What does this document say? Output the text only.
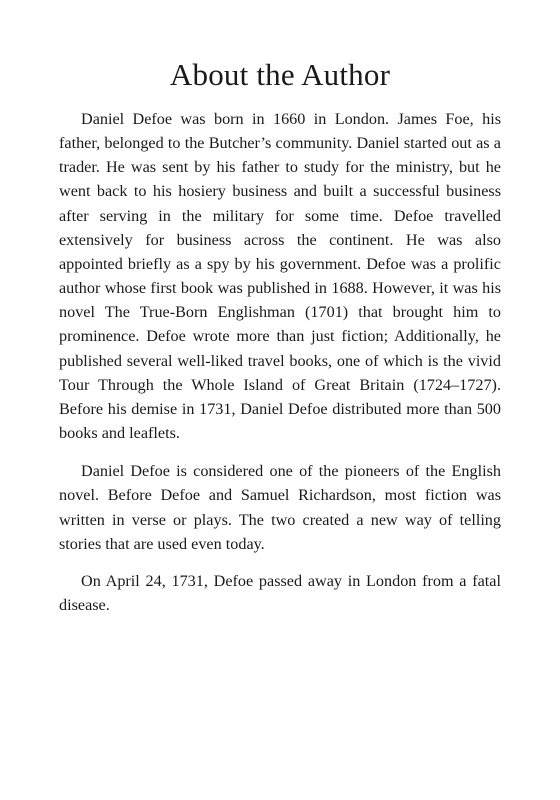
About the Author

Daniel Defoe was born in 1660 in London. James Foe, his father, belonged to the Butcher’s community. Daniel started out as a trader. He was sent by his father to study for the ministry, but he went back to his hosiery business and built a successful business after serving in the military for some time. Defoe travelled extensively for business across the continent. He was also appointed briefly as a spy by his government. Defoe was a prolific author whose first book was published in 1688. However, it was his novel The True-Born Englishman (1701) that brought him to prominence. Defoe wrote more than just fiction; Additionally, he published several well-liked travel books, one of which is the vivid Tour Through the Whole Island of Great Britain (1724–1727). Before his demise in 1731, Daniel Defoe distributed more than 500 books and leaflets.

Daniel Defoe is considered one of the pioneers of the English novel. Before Defoe and Samuel Richardson, most fiction was written in verse or plays. The two created a new way of telling stories that are used even today.

On April 24, 1731, Defoe passed away in London from a fatal disease.
